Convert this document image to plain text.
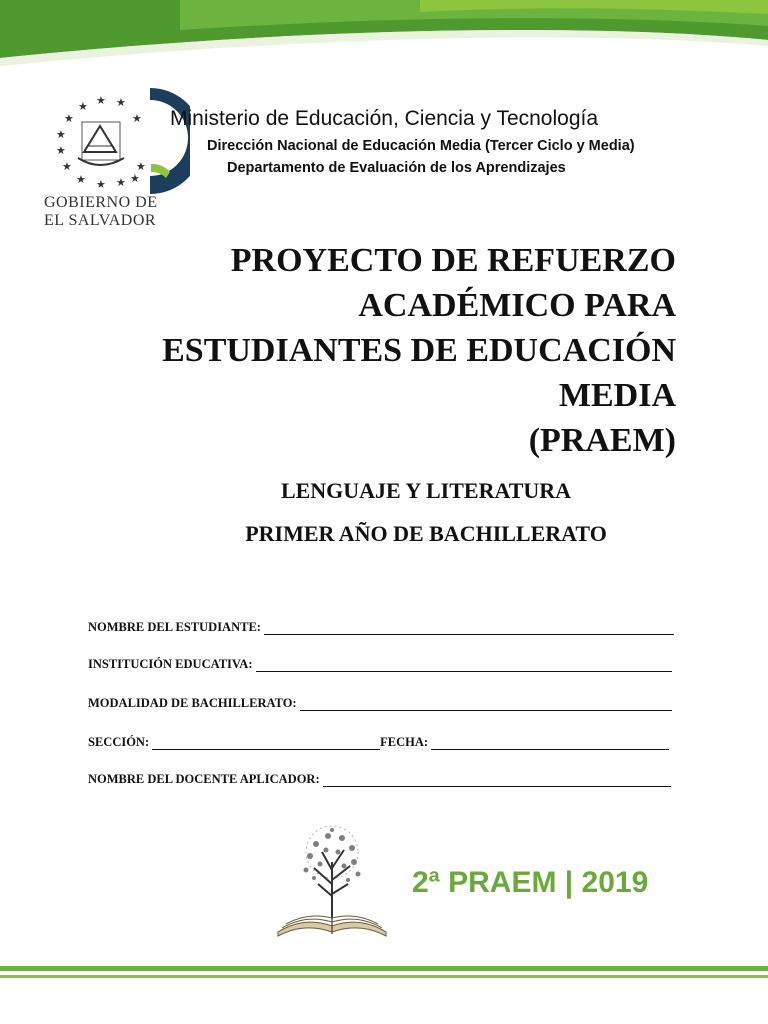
★ ★
★
★
★
★
★
★ ★ ★
★
★
★
GOBIERNO DE
EL SALVADOR
Ministerio de Educación, Ciencia y Tecnología
Dirección Nacional de Educación Media (Tercer Ciclo y Media)
Departamento de Evaluación de los Aprendizajes
PROYECTO DE REFUERZO
ACADÉMICO PARA
ESTUDIANTES DE EDUCACIÓN
MEDIA
(PRAEM)
LENGUAJE Y LITERATURA
PRIMER AÑO DE BACHILLERATO
NOMBRE DEL ESTUDIANTE:
INSTITUCIÓN EDUCATIVA:
MODALIDAD DE BACHILLERATO:
SECCIÓN:	FECHA:
NOMBRE DEL DOCENTE APLICADOR:
2ª PRAEM | 2019
